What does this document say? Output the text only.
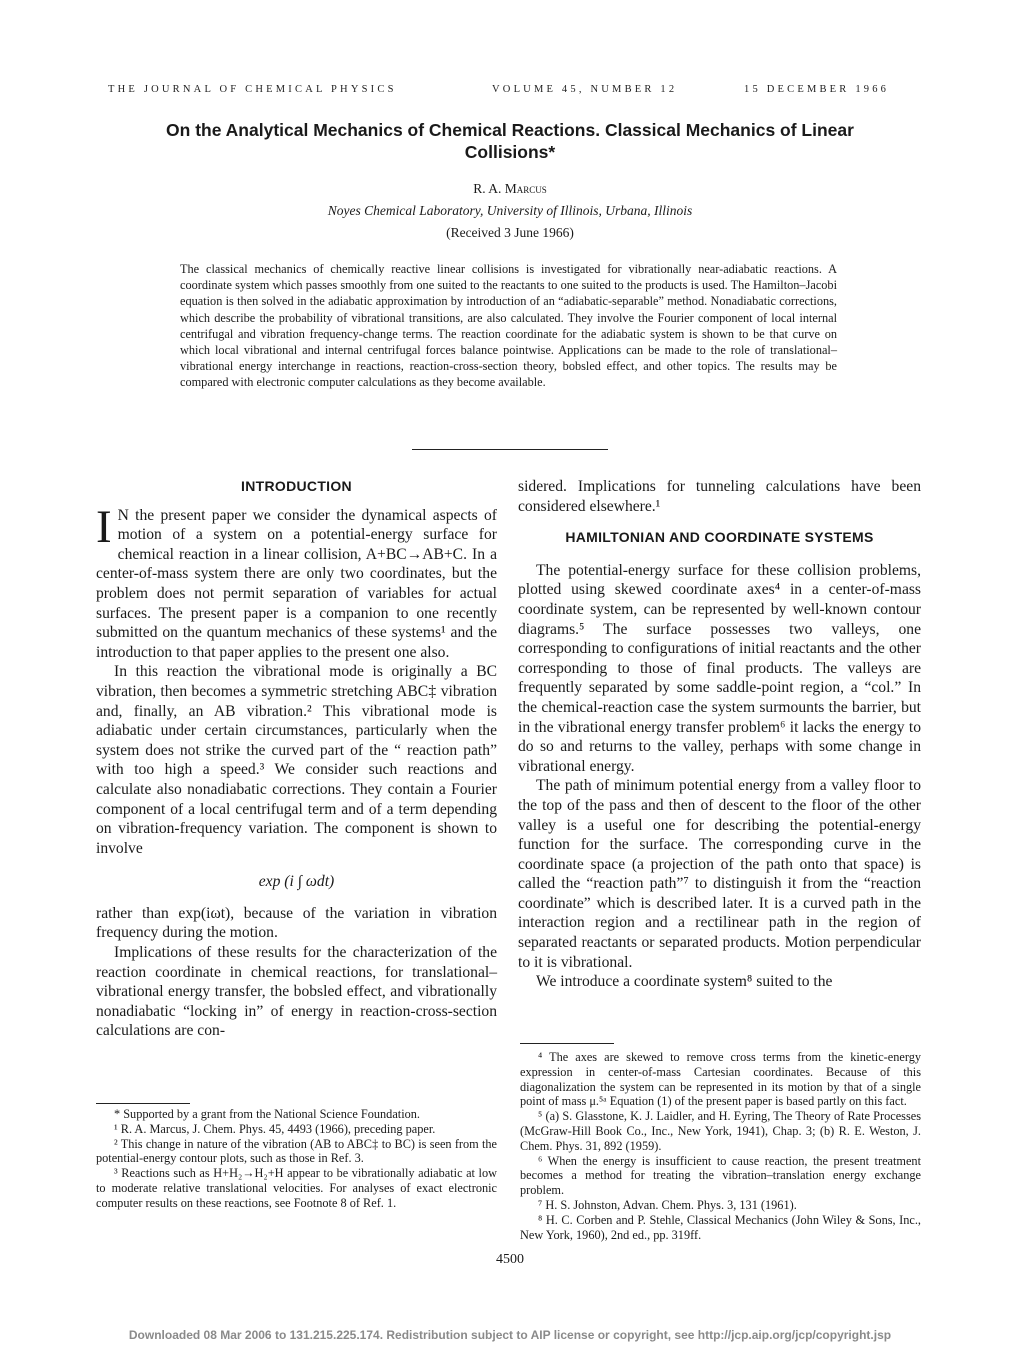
THE JOURNAL OF CHEMICAL PHYSICS	VOLUME 45, NUMBER 12	15 DECEMBER 1966
On the Analytical Mechanics of Chemical Reactions. Classical Mechanics of Linear Collisions*
R. A. Marcus
Noyes Chemical Laboratory, University of Illinois, Urbana, Illinois
(Received 3 June 1966)
The classical mechanics of chemically reactive linear collisions is investigated for vibrationally near-adiabatic reactions. A coordinate system which passes smoothly from one suited to the reactants to one suited to the products is used. The Hamilton–Jacobi equation is then solved in the adiabatic approximation by introduction of an “adiabatic-separable” method. Nonadiabatic corrections, which describe the probability of vibrational transitions, are also calculated. They involve the Fourier component of local internal centrifugal and vibration frequency-change terms. The reaction coordinate for the adiabatic system is shown to be that curve on which local vibrational and internal centrifugal forces balance pointwise. Applications can be made to the role of translational–vibrational energy interchange in reactions, reaction-cross-section theory, bobsled effect, and other topics. The results may be compared with electronic computer calculations as they become available.
INTRODUCTION

I N the present paper we consider the dynamical aspects of motion of a system on a potential-energy surface for chemical reaction in a linear collision, A+BC→AB+C. In a center-of-mass system there are only two coordinates, but the problem does not permit separation of variables for actual surfaces. The present paper is a companion to one recently submitted on the quantum mechanics of these systems¹ and the introduction to that paper applies to the present one also.

In this reaction the vibrational mode is originally a BC vibration, then becomes a symmetric stretching ABC‡ vibration and, finally, an AB vibration.² This vibrational mode is adiabatic under certain circumstances, particularly when the system does not strike the curved part of the “ reaction path” with too high a speed.³ We consider such reactions and calculate also nonadiabatic corrections. They contain a Fourier component of a local centrifugal term and of a term depending on vibration-frequency variation. The component is shown to involve

exp (i ∫ ωdt)

rather than exp(iωt), because of the variation in vibration frequency during the motion.

Implications of these results for the characterization of the reaction coordinate in chemical reactions, for translational–vibrational energy transfer, the bobsled effect, and vibrationally nonadiabatic “locking in” of energy in reaction-cross-section calculations are con-

* Supported by a grant from the National Science Foundation.

¹ R. A. Marcus, J. Chem. Phys. 45, 4493 (1966), preceding paper.

² This change in nature of the vibration (AB to ABC‡ to BC) is seen from the potential-energy contour plots, such as those in Ref. 3.

³ Reactions such as H+H₂→H₂+H appear to be vibrationally adiabatic at low to moderate relative translational velocities. For analyses of exact electronic computer results on these reactions, see Footnote 8 of Ref. 1.

sidered. Implications for tunneling calculations have been considered elsewhere.¹

HAMILTONIAN AND COORDINATE SYSTEMS

The potential-energy surface for these collision problems, plotted using skewed coordinate axes⁴ in a center-of-mass coordinate system, can be represented by well-known contour diagrams.⁵ The surface possesses two valleys, one corresponding to configurations of initial reactants and the other corresponding to those of final products. The valleys are frequently separated by some saddle-point region, a “col.” In the chemical-reaction case the system surmounts the barrier, but in the vibrational energy transfer problem⁶ it lacks the energy to do so and returns to the valley, perhaps with some change in vibrational energy.

The path of minimum potential energy from a valley floor to the top of the pass and then of descent to the floor of the other valley is a useful one for describing the potential-energy function for the surface. The corresponding curve in the coordinate space (a projection of the path onto that space) is called the “reaction path”⁷ to distinguish it from the “reaction coordinate” which is described later. It is a curved path in the interaction region and a rectilinear path in the region of separated reactants or separated products. Motion perpendicular to it is vibrational.

We introduce a coordinate system⁸ suited to the

⁴ The axes are skewed to remove cross terms from the kinetic-energy expression in center-of-mass Cartesian coordinates. Because of this diagonalization the system can be represented in its motion by that of a single point of mass μ.⁵ᵃ Equation (1) of the present paper is based partly on this fact.

⁵ (a) S. Glasstone, K. J. Laidler, and H. Eyring, The Theory of Rate Processes (McGraw-Hill Book Co., Inc., New York, 1941), Chap. 3; (b) R. E. Weston, J. Chem. Phys. 31, 892 (1959).

⁶ When the energy is insufficient to cause reaction, the present treatment becomes a method for treating the vibration–translation energy exchange problem.

⁷ H. S. Johnston, Advan. Chem. Phys. 3, 131 (1961).

⁸ H. C. Corben and P. Stehle, Classical Mechanics (John Wiley & Sons, Inc., New York, 1960), 2nd ed., pp. 319ff.

4500
Downloaded 08 Mar 2006 to 131.215.225.174. Redistribution subject to AIP license or copyright, see http://jcp.aip.org/jcp/copyright.jsp
